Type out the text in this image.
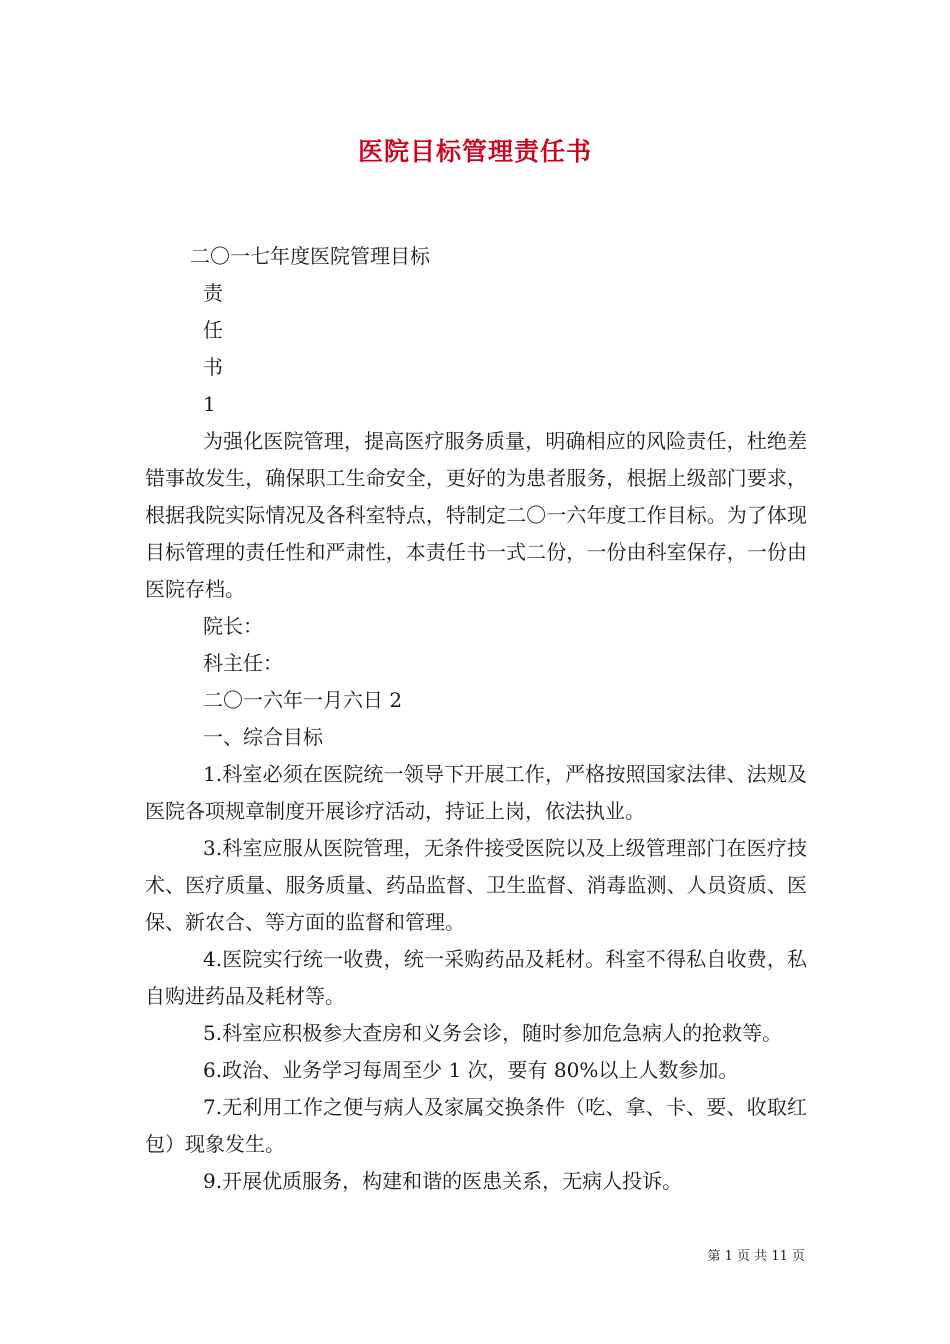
医院目标管理责任书
二〇一七年度医院管理目标
责
任
书
1
为强化医院管理，提高医疗服务质量，明确相应的风险责任，杜绝差错事故发生，确保职工生命安全，更好的为患者服务，根据上级部门要求，根据我院实际情况及各科室特点，特制定二〇一六年度工作目标。为了体现目标管理的责任性和严肃性，本责任书一式二份，一份由科室保存，一份由医院存档。
院长：
科主任：
二〇一六年一月六日 2
一、综合目标
1.科室必须在医院统一领导下开展工作，严格按照国家法律、法规及医院各项规章制度开展诊疗活动，持证上岗，依法执业。
3.科室应服从医院管理，无条件接受医院以及上级管理部门在医疗技术、医疗质量、服务质量、药品监督、卫生监督、消毒监测、人员资质、医保、新农合、等方面的监督和管理。
4.医院实行统一收费，统一采购药品及耗材。科室不得私自收费，私自购进药品及耗材等。
5.科室应积极参大查房和义务会诊，随时参加危急病人的抢救等。
6.政治、业务学习每周至少 1 次，要有 80%以上人数参加。
7.无利用工作之便与病人及家属交换条件（吃、拿、卡、要、收取红包）现象发生。
9.开展优质服务，构建和谐的医患关系，无病人投诉。
第 1 页 共 11 页
